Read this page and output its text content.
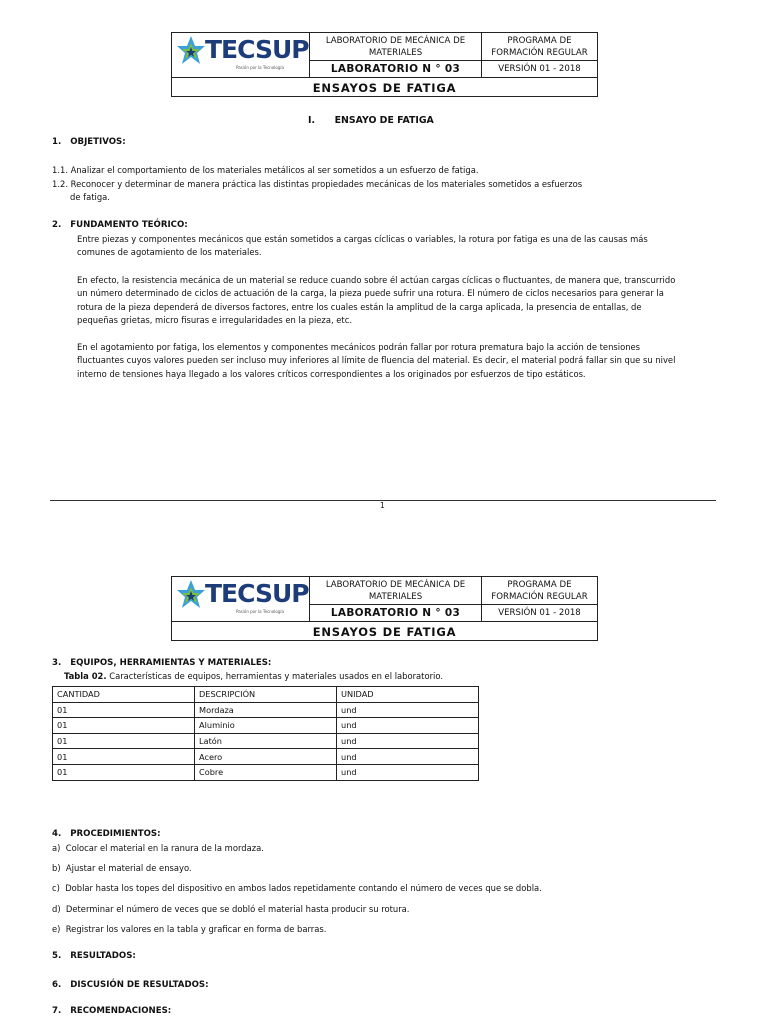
TECSUP
Pasión por la Tecnología
LABORATORIO DE MECÁNICA DE MATERIALES
LABORATORIO N ° 03
PROGRAMA DE FORMACIÓN REGULAR
VERSIÓN 01 - 2018
ENSAYOS DE FATIGA
I.      ENSAYO DE FATIGA
1.   OBJETIVOS:
1.1. Analizar el comportamiento de los materiales metálicos al ser sometidos a un esfuerzo de fatiga.
1.2. Reconocer y determinar de manera práctica las distintas propiedades mecánicas de los materiales sometidos a esfuerzos
de fatiga.
2.   FUNDAMENTO TEÓRICO:
Entre piezas y componentes mecánicos que están sometidos a cargas cíclicas o variables, la rotura por fatiga es una de las causas más
comunes de agotamiento de los materiales.
En efecto, la resistencia mecánica de un material se reduce cuando sobre él actúan cargas cíclicas o fluctuantes, de manera que, transcurrido
un número determinado de ciclos de actuación de la carga, la pieza puede sufrir una rotura. El número de ciclos necesarios para generar la
rotura de la pieza dependerá de diversos factores, entre los cuales están la amplitud de la carga aplicada, la presencia de entallas, de
pequeñas grietas, micro fisuras e irregularidades en la pieza, etc.
En el agotamiento por fatiga, los elementos y componentes mecánicos podrán fallar por rotura prematura bajo la acción de tensiones
fluctuantes cuyos valores pueden ser incluso muy inferiores al límite de fluencia del material. Es decir, el material podrá fallar sin que su nivel
interno de tensiones haya llegado a los valores críticos correspondientes a los originados por esfuerzos de tipo estáticos.
1
TECSUP
Pasión por la Tecnología
LABORATORIO DE MECÁNICA DE MATERIALES
LABORATORIO N ° 03
PROGRAMA DE FORMACIÓN REGULAR
VERSIÓN 01 - 2018
ENSAYOS DE FATIGA
3.   EQUIPOS, HERRAMIENTAS Y MATERIALES:
Tabla 02. Características de equipos, herramientas y materiales usados en el laboratorio.
CANTIDAD	DESCRIPCIÓN	UNIDAD
01	Mordaza	und
01	Aluminio	und
01	Latón	und
01	Acero	und
01	Cobre	und
4.   PROCEDIMIENTOS:
a)  Colocar el material en la ranura de la mordaza.
b)  Ajustar el material de ensayo.
c)  Doblar hasta los topes del dispositivo en ambos lados repetidamente contando el número de veces que se dobla.
d)  Determinar el número de veces que se dobló el material hasta producir su rotura.
e)  Registrar los valores en la tabla y graficar en forma de barras.
5.   RESULTADOS:
6.   DISCUSIÓN DE RESULTADOS:
7.   RECOMENDACIONES:
